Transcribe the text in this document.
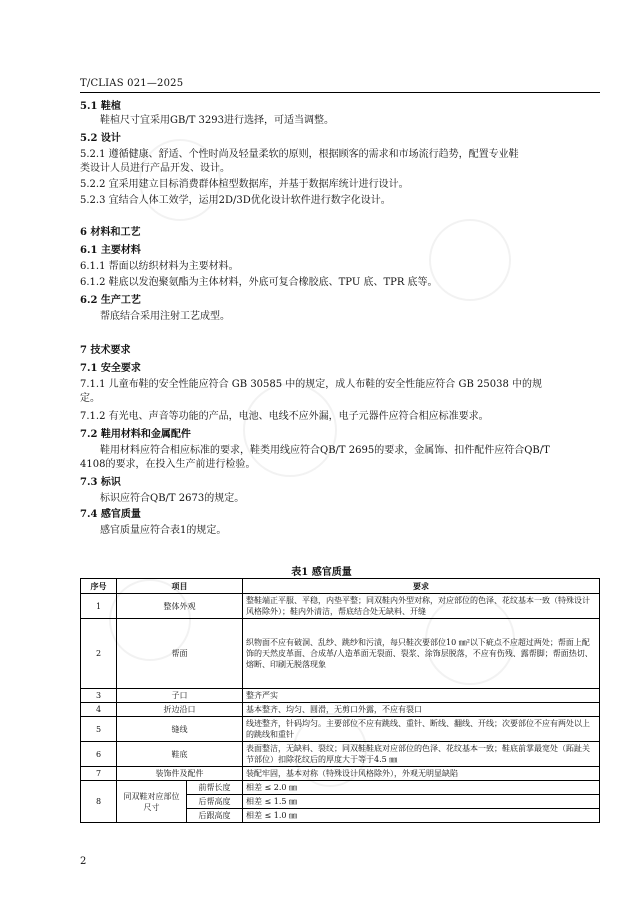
T/CLIAS 021—2025
5.1 鞋楦
鞋楦尺寸宜采用GB/T 3293进行选择，可适当调整。
5.2 设计
5.2.1 遵循健康、舒适、个性时尚及轻量柔软的原则，根据顾客的需求和市场流行趋势，配置专业鞋
类设计人员进行产品开发、设计。
5.2.2 宜采用建立目标消费群体楦型数据库，并基于数据库统计进行设计。
5.2.3 宜结合人体工效学，运用2D/3D优化设计软件进行数字化设计。
6 材料和工艺
6.1 主要材料
6.1.1 帮面以纺织材料为主要材料。
6.1.2 鞋底以发泡聚氨酯为主体材料，外底可复合橡胶底、TPU 底、TPR 底等。
6.2 生产工艺
帮底结合采用注射工艺成型。
7 技术要求
7.1 安全要求
7.1.1 儿童布鞋的安全性能应符合 GB 30585 中的规定，成人布鞋的安全性能应符合 GB 25038 中的规
定。
7.1.2 有光电、声音等功能的产品，电池、电线不应外漏，电子元器件应符合相应标准要求。
7.2 鞋用材料和金属配件
鞋用材料应符合相应标准的要求，鞋类用线应符合QB/T 2695的要求，金属饰、扣件配件应符合QB/T
4108的要求，在投入生产前进行检验。
7.3 标识
标识应符合QB/T 2673的规定。
7.4 感官质量
感官质量应符合表1的规定。
表1 感官质量
序号	项目		要求
1	整体外观		整鞋端正平服、平稳，内垫平整；同双鞋内外型对称，对应部位的色泽、花纹基本一致（特殊设计风格除外）；鞋内外清洁，帮底结合处无缺料、开缝
2	帮面		织物面不应有破洞、乱纱、跳纱和污渍，每只鞋次要部位10 ㎜²以下疵点不应超过两处；帮面上配饰的天然皮革面、合成革/人造革面无裂面、裂浆、涂饰层脱落，不应有伤残、露帮脚；帮面热切、熔断、印刷无脱落现象
3	子口		整齐严实
4	折边沿口		基本整齐、均匀、圆滑，无剪口外露，不应有裂口
5	缝线		线迹整齐，针码均匀。主要部位不应有跳线、重针、断线、翻线、开线；次要部位不应有两处以上的跳线和重针
6	鞋底		表面整洁，无缺料、裂纹；同双鞋鞋底对应部位的色泽、花纹基本一致；鞋底前掌最宽处（跖趾关节部位）扣除花纹后的厚度大于等于4.5 ㎜
7	装饰件及配件		装配牢固，基本对称（特殊设计风格除外），外观无明显缺陷
8	同双鞋对应部位尺寸	前帮长度	相差 ≤ 2.0 ㎜
		后帮高度	相差 ≤ 1.5 ㎜
		后跟高度	相差 ≤ 1.0 ㎜
2
